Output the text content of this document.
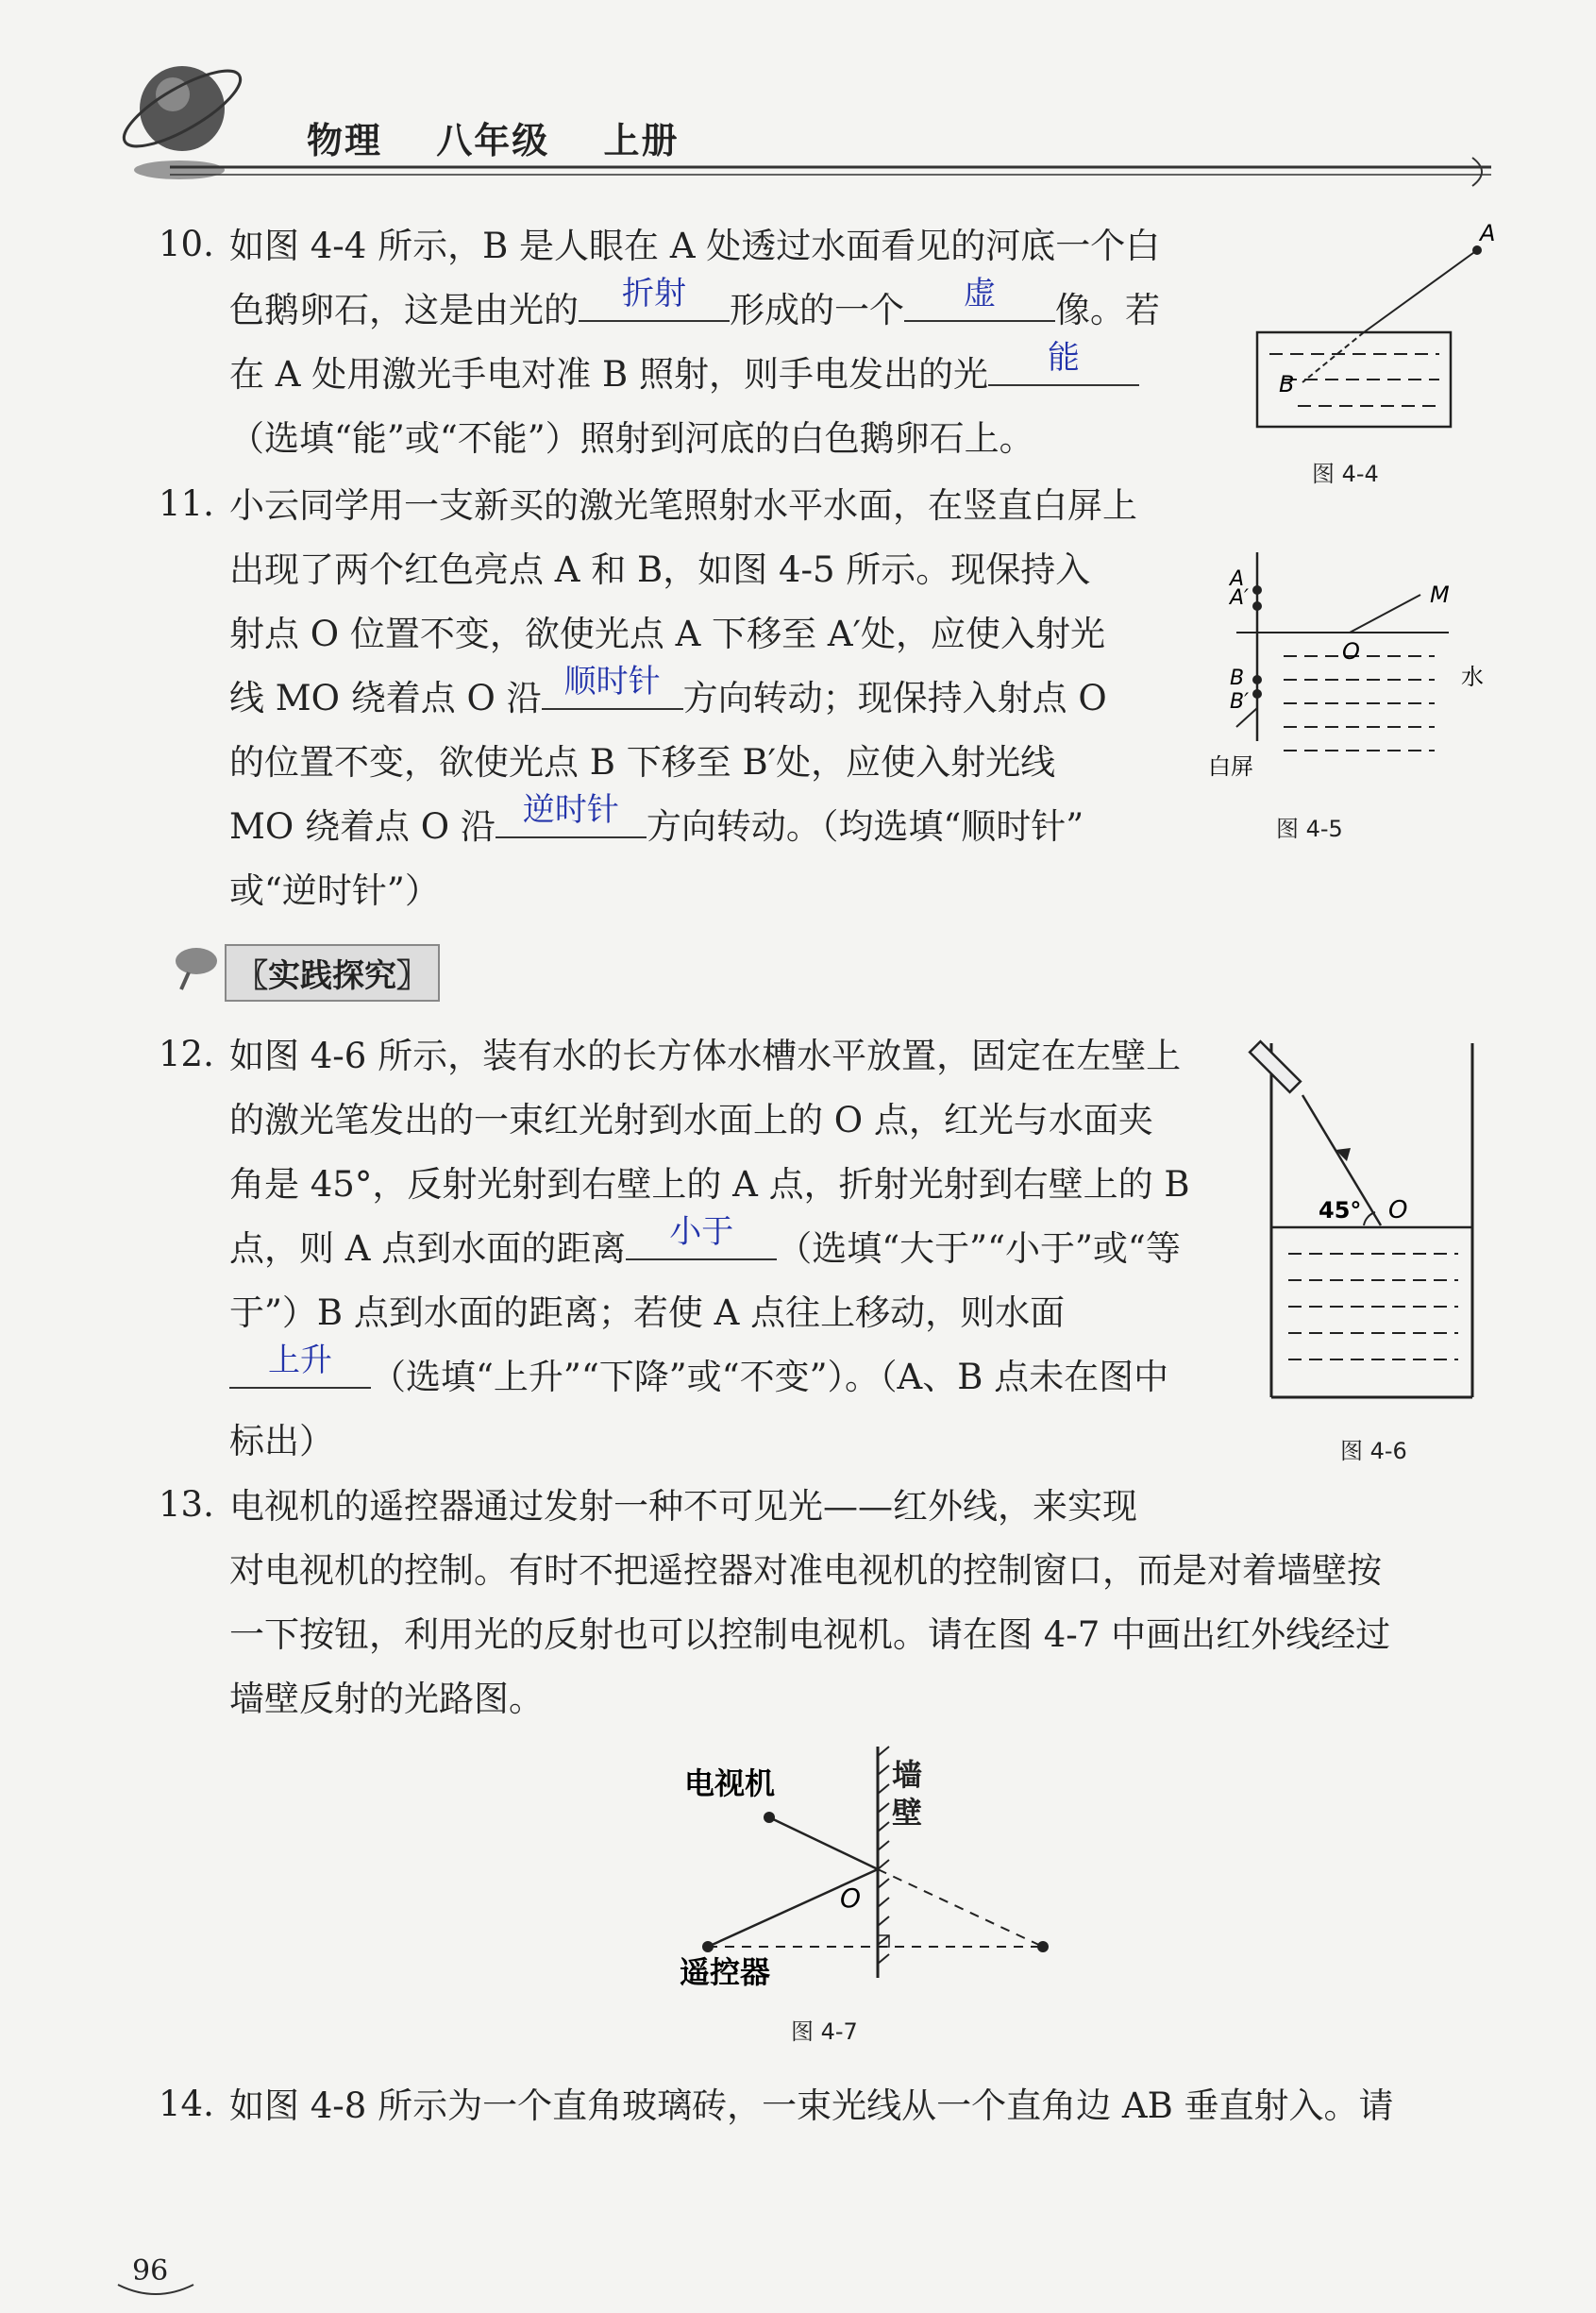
物理 八年级 上册
10. 如图 4-4 所示，B 是人眼在 A 处透过水面看见的河底一个白
色鹅卵石，这是由光的	折射	形成的一个	虚	像。若
在 A 处用激光手电对准 B 照射，则手电发出的光	能
（选填“能”或“不能”）照射到河底的白色鹅卵石上。
A
B
图 4-4
11. 小云同学用一支新买的激光笔照射水平水面，在竖直白屏上
出现了两个红色亮点 A 和 B，如图 4-5 所示。现保持入
射点 O 位置不变，欲使光点 A 下移至 A′处，应使入射光
线 MO 绕着点 O 沿 顺时针 方向转动；现保持入射点 O
的位置不变，欲使光点 B 下移至 B′处，应使入射光线
MO 绕着点 O 沿 逆时针 方向转动。（均选填“顺时针”
或“逆时针”）
A
A′
B
B′
M
O
水
白屏
图 4-5
〖实践探究〗
12. 如图 4-6 所示，装有水的长方体水槽水平放置，固定在左壁上
的激光笔发出的一束红光射到水面上的 O 点，红光与水面夹
角是 45°，反射光射到右壁上的 A 点，折射光射到右壁上的 B
点，则 A 点到水面的距离	小于	（选填“大于”“小于”或“等
于”）B 点到水面的距离；若使 A 点往上移动，则水面
上升	（选填“上升”“下降”或“不变”）。（A、B 点未在图中
标出）
45° O
图 4-6
13. 电视机的遥控器通过发射一种不可见光——红外线，来实现
对电视机的控制。有时不把遥控器对准电视机的控制窗口，而是对着墙壁按
一下按钮，利用光的反射也可以控制电视机。请在图 4-7 中画出红外线经过
墙壁反射的光路图。
电视机
O
遥控器
墙壁
图 4-7
14. 如图 4-8 所示为一个直角玻璃砖，一束光线从一个直角边 AB 垂直射入。请
96
